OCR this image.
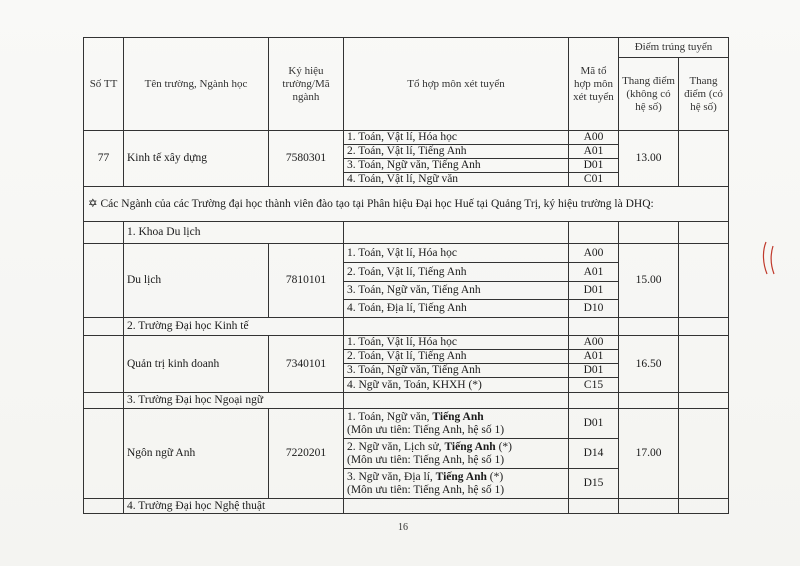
Số TT	Tên trường, Ngành học	Ký hiệu trường/Mã ngành	Tổ hợp môn xét tuyển	Mã tổ hợp môn xét tuyển	Điểm trúng tuyển	
					Thang điểm (không có hệ số)	Thang điểm (có hệ số)
77	Kinh tế xây dựng	7580301	1. Toán, Vật lí, Hóa học	A00	13.00	
			2. Toán, Vật lí, Tiếng Anh	A01		
			3. Toán, Ngữ văn, Tiếng Anh	D01		
			4. Toán, Vật lí, Ngữ văn	C01		
✡ Các Ngành của các Trường đại học thành viên đào tạo tại Phân hiệu Đại học Huế tại Quảng Trị, ký hiệu trường là DHQ:						
	1. Khoa Du lịch					
	Du lịch	7810101	1. Toán, Vật lí, Hóa học	A00	15.00	
			2. Toán, Vật lí, Tiếng Anh	A01		
			3. Toán, Ngữ văn, Tiếng Anh	D01		
			4. Toán, Địa lí, Tiếng Anh	D10		
	2. Trường Đại học Kinh tế					
	Quản trị kinh doanh	7340101	1. Toán, Vật lí, Hóa học	A00	16.50	
			2. Toán, Vật lí, Tiếng Anh	A01		
			3. Toán, Ngữ văn, Tiếng Anh	D01		
			4. Ngữ văn, Toán, KHXH (*)	C15		
	3. Trường Đại học Ngoại ngữ					
	Ngôn ngữ Anh	7220201	1. Toán, Ngữ văn, Tiếng Anh
(Môn ưu tiên: Tiếng Anh, hệ số 1)	D01	17.00	
			2. Ngữ văn, Lịch sử, Tiếng Anh (*)
(Môn ưu tiên: Tiếng Anh, hệ số 1)	D14		
			3. Ngữ văn, Địa lí, Tiếng Anh (*)
(Môn ưu tiên: Tiếng Anh, hệ số 1)	D15		
	4. Trường Đại học Nghệ thuật					
16
